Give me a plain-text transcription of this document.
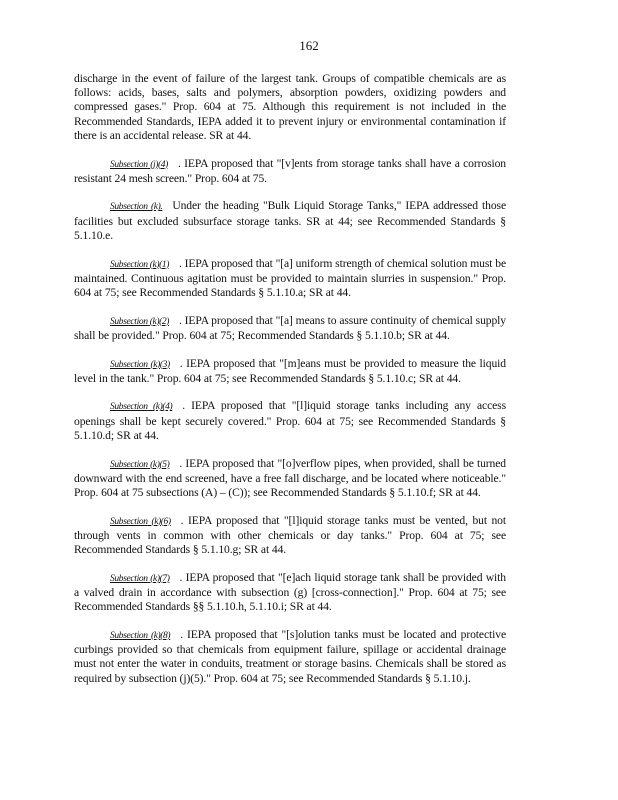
162

discharge in the event of failure of the largest tank. Groups of compatible chemicals are as follows: acids, bases, salts and polymers, absorption powders, oxidizing powders and compressed gases." Prop. 604 at 75. Although this requirement is not included in the Recommended Standards, IEPA added it to prevent injury or environmental contamination if there is an accidental release. SR at 44.

Subsection (j)(4) . IEPA proposed that "[v]ents from storage tanks shall have a corrosion resistant 24 mesh screen." Prop. 604 at 75.

Subsection (k). Under the heading "Bulk Liquid Storage Tanks," IEPA addressed those facilities but excluded subsurface storage tanks. SR at 44; see Recommended Standards § 5.1.10.e.

Subsection (k)(1) . IEPA proposed that "[a] uniform strength of chemical solution must be maintained. Continuous agitation must be provided to maintain slurries in suspension." Prop. 604 at 75; see Recommended Standards § 5.1.10.a; SR at 44.

Subsection (k)(2) . IEPA proposed that "[a] means to assure continuity of chemical supply shall be provided." Prop. 604 at 75; Recommended Standards § 5.1.10.b; SR at 44.

Subsection (k)(3) . IEPA proposed that "[m]eans must be provided to measure the liquid level in the tank." Prop. 604 at 75; see Recommended Standards § 5.1.10.c; SR at 44.

Subsection (k)(4) . IEPA proposed that "[l]iquid storage tanks including any access openings shall be kept securely covered." Prop. 604 at 75; see Recommended Standards § 5.1.10.d; SR at 44.

Subsection (k)(5) . IEPA proposed that "[o]verflow pipes, when provided, shall be turned downward with the end screened, have a free fall discharge, and be located where noticeable." Prop. 604 at 75 subsections (A) – (C)); see Recommended Standards § 5.1.10.f; SR at 44.

Subsection (k)(6) . IEPA proposed that "[l]iquid storage tanks must be vented, but not through vents in common with other chemicals or day tanks." Prop. 604 at 75; see Recommended Standards § 5.1.10.g; SR at 44.

Subsection (k)(7) . IEPA proposed that "[e]ach liquid storage tank shall be provided with a valved drain in accordance with subsection (g) [cross-connection]." Prop. 604 at 75; see Recommended Standards §§ 5.1.10.h, 5.1.10.i; SR at 44.

Subsection (k)(8) . IEPA proposed that "[s]olution tanks must be located and protective curbings provided so that chemicals from equipment failure, spillage or accidental drainage must not enter the water in conduits, treatment or storage basins. Chemicals shall be stored as required by subsection (j)(5)." Prop. 604 at 75; see Recommended Standards § 5.1.10.j.
